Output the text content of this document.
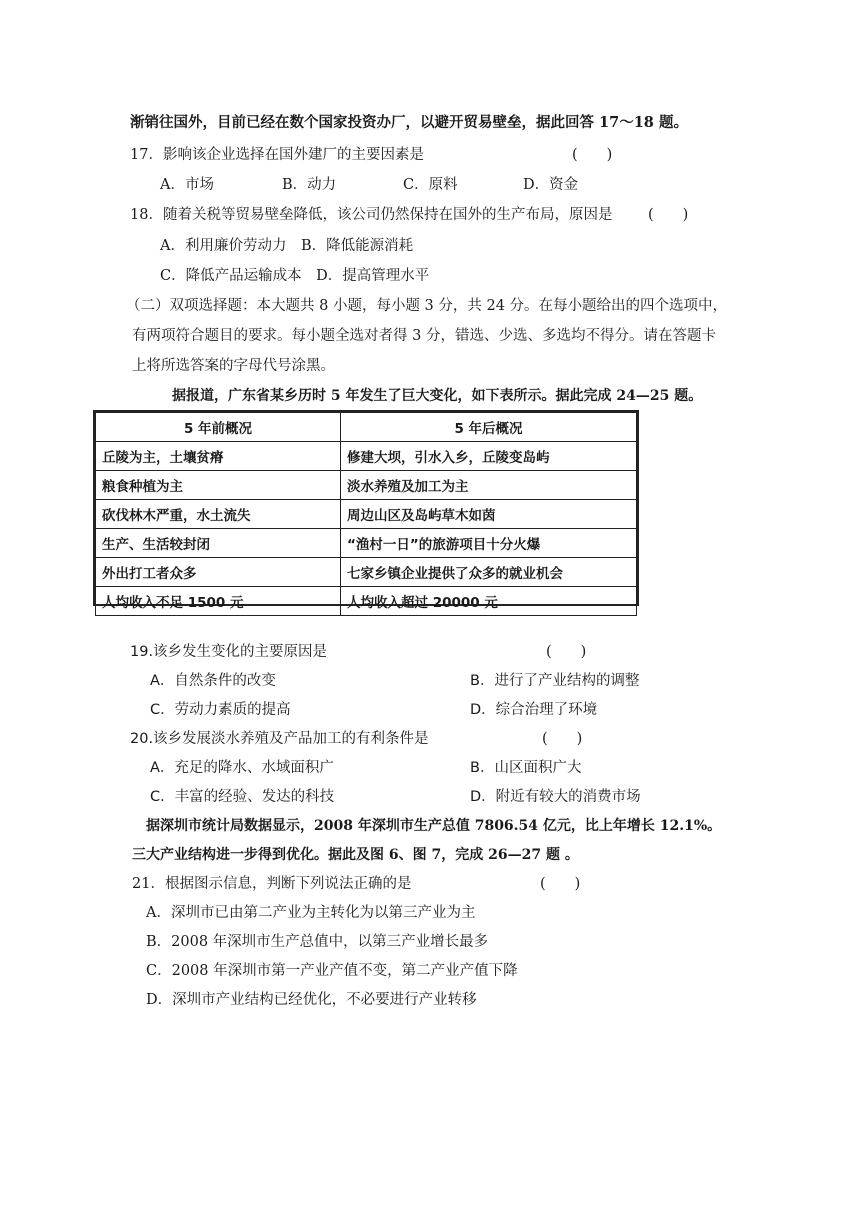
渐销往国外，目前已经在数个国家投资办厂，以避开贸易壁垒，据此回答 17～18 题。
17．影响该企业选择在国外建厂的主要因素是	(　　)
A．市场	B．动力	C．原料	D．资金
18．随着关税等贸易壁垒降低，该公司仍然保持在国外的生产布局，原因是 (　　)
A．利用廉价劳动力　B．降低能源消耗
C．降低产品运输成本　D．提高管理水平
（二）双项选择题：本大题共 8 小题，每小题 3 分，共 24 分。在每小题给出的四个选项中，
有两项符合题目的要求。每小题全选对者得 3 分，错选、少选、多选均不得分。请在答题卡
上将所选答案的字母代号涂黑。
据报道，广东省某乡历时 5 年发生了巨大变化，如下表所示。据此完成 24—25 题。
5 年前概况	5 年后概况
丘陵为主，土壤贫瘠	修建大坝，引水入乡，丘陵变岛屿
粮食种植为主	淡水养殖及加工为主
砍伐林木严重，水土流失	周边山区及岛屿草木如茵
生产、生活较封闭	“渔村一日”的旅游项目十分火爆
外出打工者众多	七家乡镇企业提供了众多的就业机会
人均收入不足 1500 元	人均收入超过 20000 元
19.该乡发生变化的主要原因是	(　　)
A．自然条件的改变	B．进行了产业结构的调整
C．劳动力素质的提高	D．综合治理了环境
20.该乡发展淡水养殖及产品加工的有利条件是	(　　)
A．充足的降水、水域面积广	B．山区面积广大
C．丰富的经验、发达的科技	D．附近有较大的消费市场
据深圳市统计局数据显示，2008 年深圳市生产总值 7806.54 亿元，比上年增长 12.1%。
三大产业结构进一步得到优化。据此及图 6、图 7，完成 26—27 题 。
21．根据图示信息，判断下列说法正确的是	(　　)
A．深圳市已由第二产业为主转化为以第三产业为主
B．2008 年深圳市生产总值中，以第三产业增长最多
C．2008 年深圳市第一产业产值不变，第二产业产值下降
D．深圳市产业结构已经优化，不必要进行产业转移
